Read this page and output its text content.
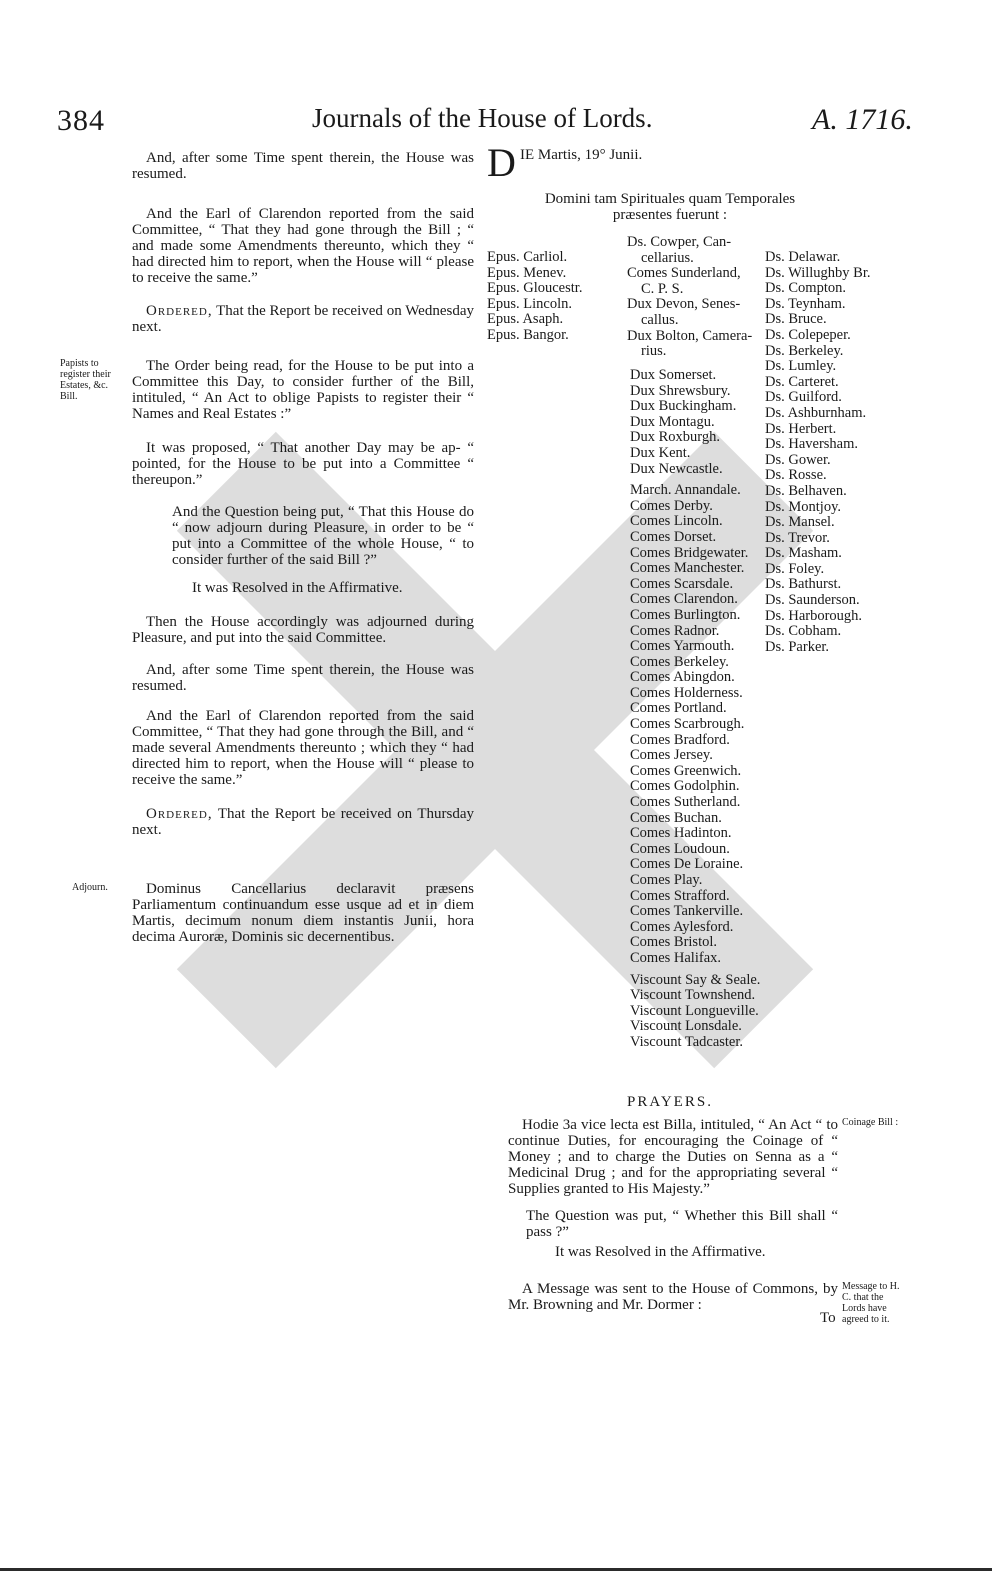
384	Journals of the House of Lords.	A. 1716.
And, after some Time spent therein, the House was resumed.
And the Earl of Clarendon reported from the said Committee, “ That they had gone through the Bill ; “ and made some Amendments thereunto, which they “ had directed him to report, when the House will “ please to receive the same.”
Ordered, That the Report be received on Wednesday next.
Papists to register their Estates, &c. Bill.
The Order being read, for the House to be put into a Committee this Day, to consider further of the Bill, intituled, “ An Act to oblige Papists to register their “ Names and Real Estates :”
It was proposed, “ That another Day may be ap- “ pointed, for the House to be put into a Committee “ thereupon.”
And the Question being put, “ That this House do “ now adjourn during Pleasure, in order to be “ put into a Committee of the whole House, “ to consider further of the said Bill ?”
It was Resolved in the Affirmative.
Then the House accordingly was adjourned during Pleasure, and put into the said Committee.
And, after some Time spent therein, the House was resumed.
And the Earl of Clarendon reported from the said Committee, “ That they had gone through the Bill, and “ made several Amendments thereunto ; which they “ had directed him to report, when the House will “ please to receive the same.”
Ordered, That the Report be received on Thursday next.
Adjourn.	Dominus Cancellarius declaravit præsens Parliamentum continuandum esse usque ad et in diem Martis, decimum nonum diem instantis Junii, hora decima Auroræ, Dominis sic decernentibus.
D IE Martis, 19° Junii.
Domini tam Spirituales quam Temporales præsentes fuerunt :
Epus. Carliol.
Epus. Menev.
Epus. Gloucestr.
Epus. Lincoln.
Epus. Asaph.
Epus. Bangor.
Ds. Cowper, Can-
cellarius.
Comes Sunderland,
C. P. S.
Dux Devon, Senes-
callus.
Dux Bolton, Camera-
rius.
Dux Somerset.
Dux Shrewsbury.
Dux Buckingham.
Dux Montagu.
Dux Roxburgh.
Dux Kent.
Dux Newcastle.
March. Annandale.
Comes Derby.
Comes Lincoln.
Comes Dorset.
Comes Bridgewater.
Comes Manchester.
Comes Scarsdale.
Comes Clarendon.
Comes Burlington.
Comes Radnor.
Comes Yarmouth.
Comes Berkeley.
Comes Abingdon.
Comes Holderness.
Comes Portland.
Comes Scarbrough.
Comes Bradford.
Comes Jersey.
Comes Greenwich.
Comes Godolphin.
Comes Sutherland.
Comes Buchan.
Comes Hadinton.
Comes Loudoun.
Comes De Loraine.
Comes Play.
Comes Strafford.
Comes Tankerville.
Comes Aylesford.
Comes Bristol.
Comes Halifax.
Viscount Say & Seale.
Viscount Townshend.
Viscount Longueville.
Viscount Lonsdale.
Viscount Tadcaster.
Ds. Delawar.
Ds. Willughby Br.
Ds. Compton.
Ds. Teynham.
Ds. Bruce.
Ds. Colepeper.
Ds. Berkeley.
Ds. Lumley.
Ds. Carteret.
Ds. Guilford.
Ds. Ashburnham.
Ds. Herbert.
Ds. Haversham.
Ds. Gower.
Ds. Rosse.
Ds. Belhaven.
Ds. Montjoy.
Ds. Mansel.
Ds. Trevor.
Ds. Masham.
Ds. Foley.
Ds. Bathurst.
Ds. Saunderson.
Ds. Harborough.
Ds. Cobham.
Ds. Parker.
PRAYERS.
Hodie 3a vice lecta est Billa, intituled, “ An Act “ to continue Duties, for encouraging the Coinage of “ Money ; and to charge the Duties on Senna as a “ Medicinal Drug ; and for the appropriating several “ Supplies granted to His Majesty.”
Coinage Bill :
The Question was put, “ Whether this Bill shall “ pass ?”
It was Resolved in the Affirmative.
A Message was sent to the House of Commons, by Mr. Browning and Mr. Dormer :
Message to H. C. that the Lords have agreed to it.
To
